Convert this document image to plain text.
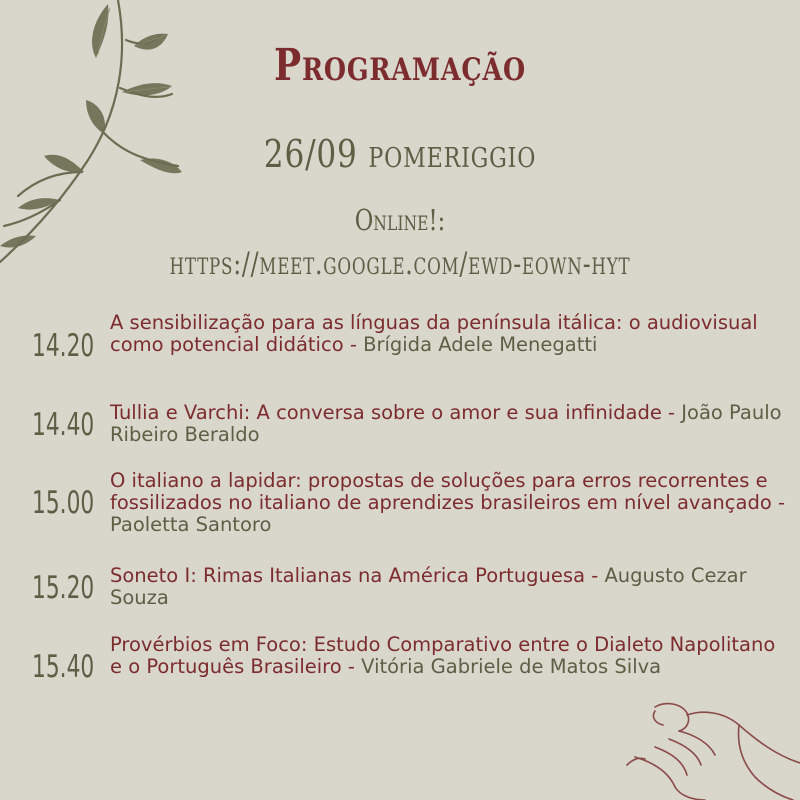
Programação
26/09 pomeriggio
Online!:
https://meet.google.com/ewd-eown-hyt
14.20
A sensibilização para as línguas da península itálica: o audiovisual como potencial didático - Brígida Adele Menegatti
14.40 Tullia e Varchi: A conversa sobre o amor e sua infinidade - João Paulo Ribeiro Beraldo
15.00
O italiano a lapidar: propostas de soluções para erros recorrentes e fossilizados no italiano de aprendizes brasileiros em nível avançado - Paoletta Santoro
15.20 Soneto I: Rimas Italianas na América Portuguesa - Augusto Cezar Souza
15.40
Provérbios em Foco: Estudo Comparativo entre o Dialeto Napolitano e o Português Brasileiro - Vitória Gabriele de Matos Silva
